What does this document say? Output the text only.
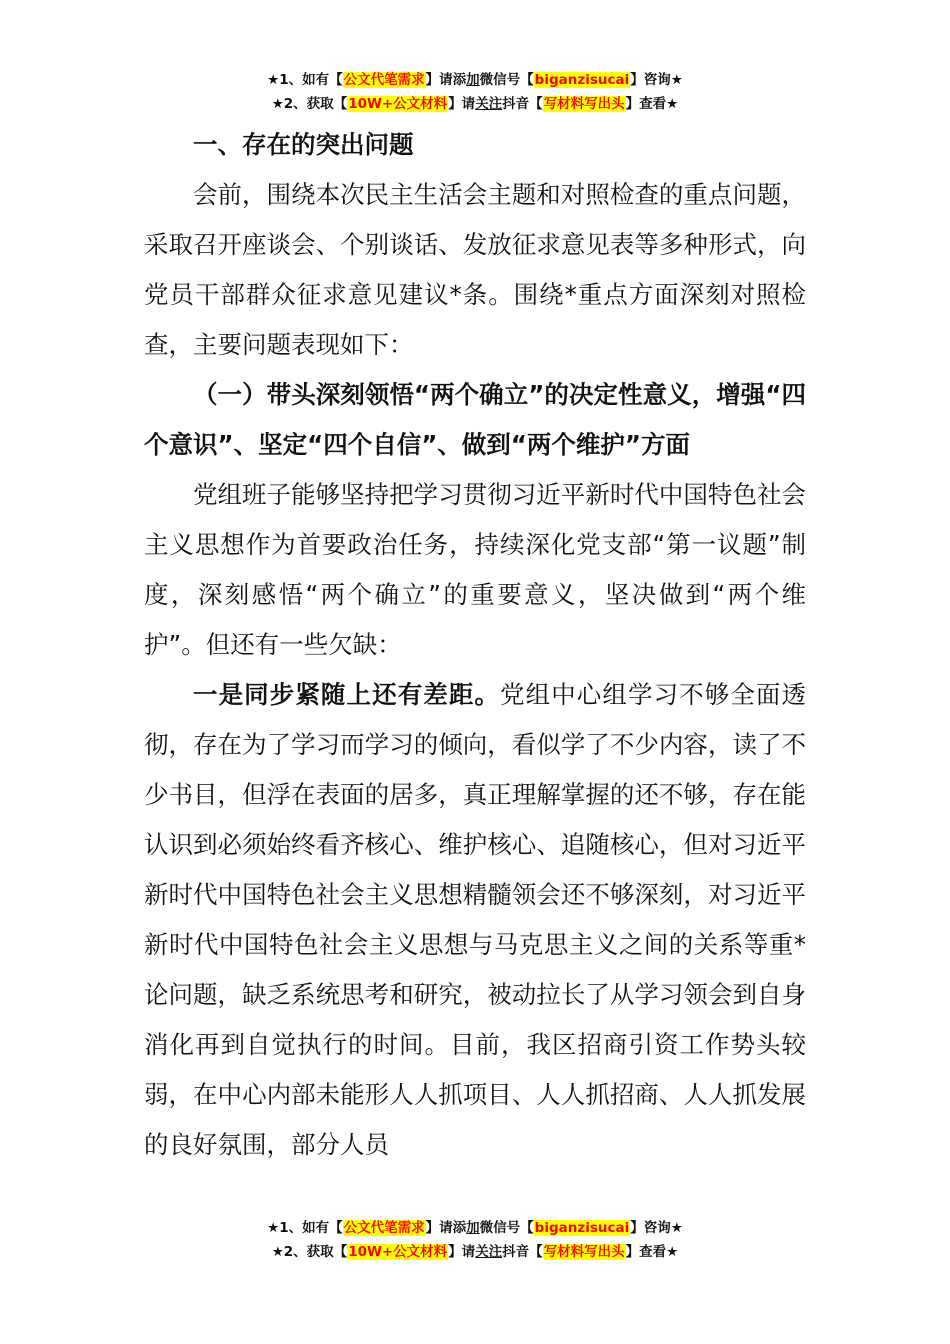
★1、如有【公文代笔需求】请添加微信号【biganzisucai】咨询★
★2、获取【10W+公文材料】请关注抖音【写材料写出头】查看★

一、存在的突出问题

会前，围绕本次民主生活会主题和对照检查的重点问题，采取召开座谈会、个别谈话、发放征求意见表等多种形式，向党员干部群众征求意见建议*条。围绕*重点方面深刻对照检查，主要问题表现如下：

（一）带头深刻领悟“两个确立”的决定性意义，增强“四个意识”、坚定“四个自信”、做到“两个维护”方面

党组班子能够坚持把学习贯彻习近平新时代中国特色社会主义思想作为首要政治任务，持续深化党支部“第一议题”制度，深刻感悟“两个确立”的重要意义，坚决做到“两个维护”。但还有一些欠缺：

一是同步紧随上还有差距。党组中心组学习不够全面透彻，存在为了学习而学习的倾向，看似学了不少内容，读了不少书目，但浮在表面的居多，真正理解掌握的还不够，存在能认识到必须始终看齐核心、维护核心、追随核心，但对习近平新时代中国特色社会主义思想精髓领会还不够深刻，对习近平新时代中国特色社会主义思想与马克思主义之间的关系等重*论问题，缺乏系统思考和研究，被动拉长了从学习领会到自身消化再到自觉执行的时间。目前，我区招商引资工作势头较弱，在中心内部未能形人人抓项目、人人抓招商、人人抓发展的良好氛围，部分人员

★1、如有【公文代笔需求】请添加微信号【biganzisucai】咨询★
★2、获取【10W+公文材料】请关注抖音【写材料写出头】查看★
